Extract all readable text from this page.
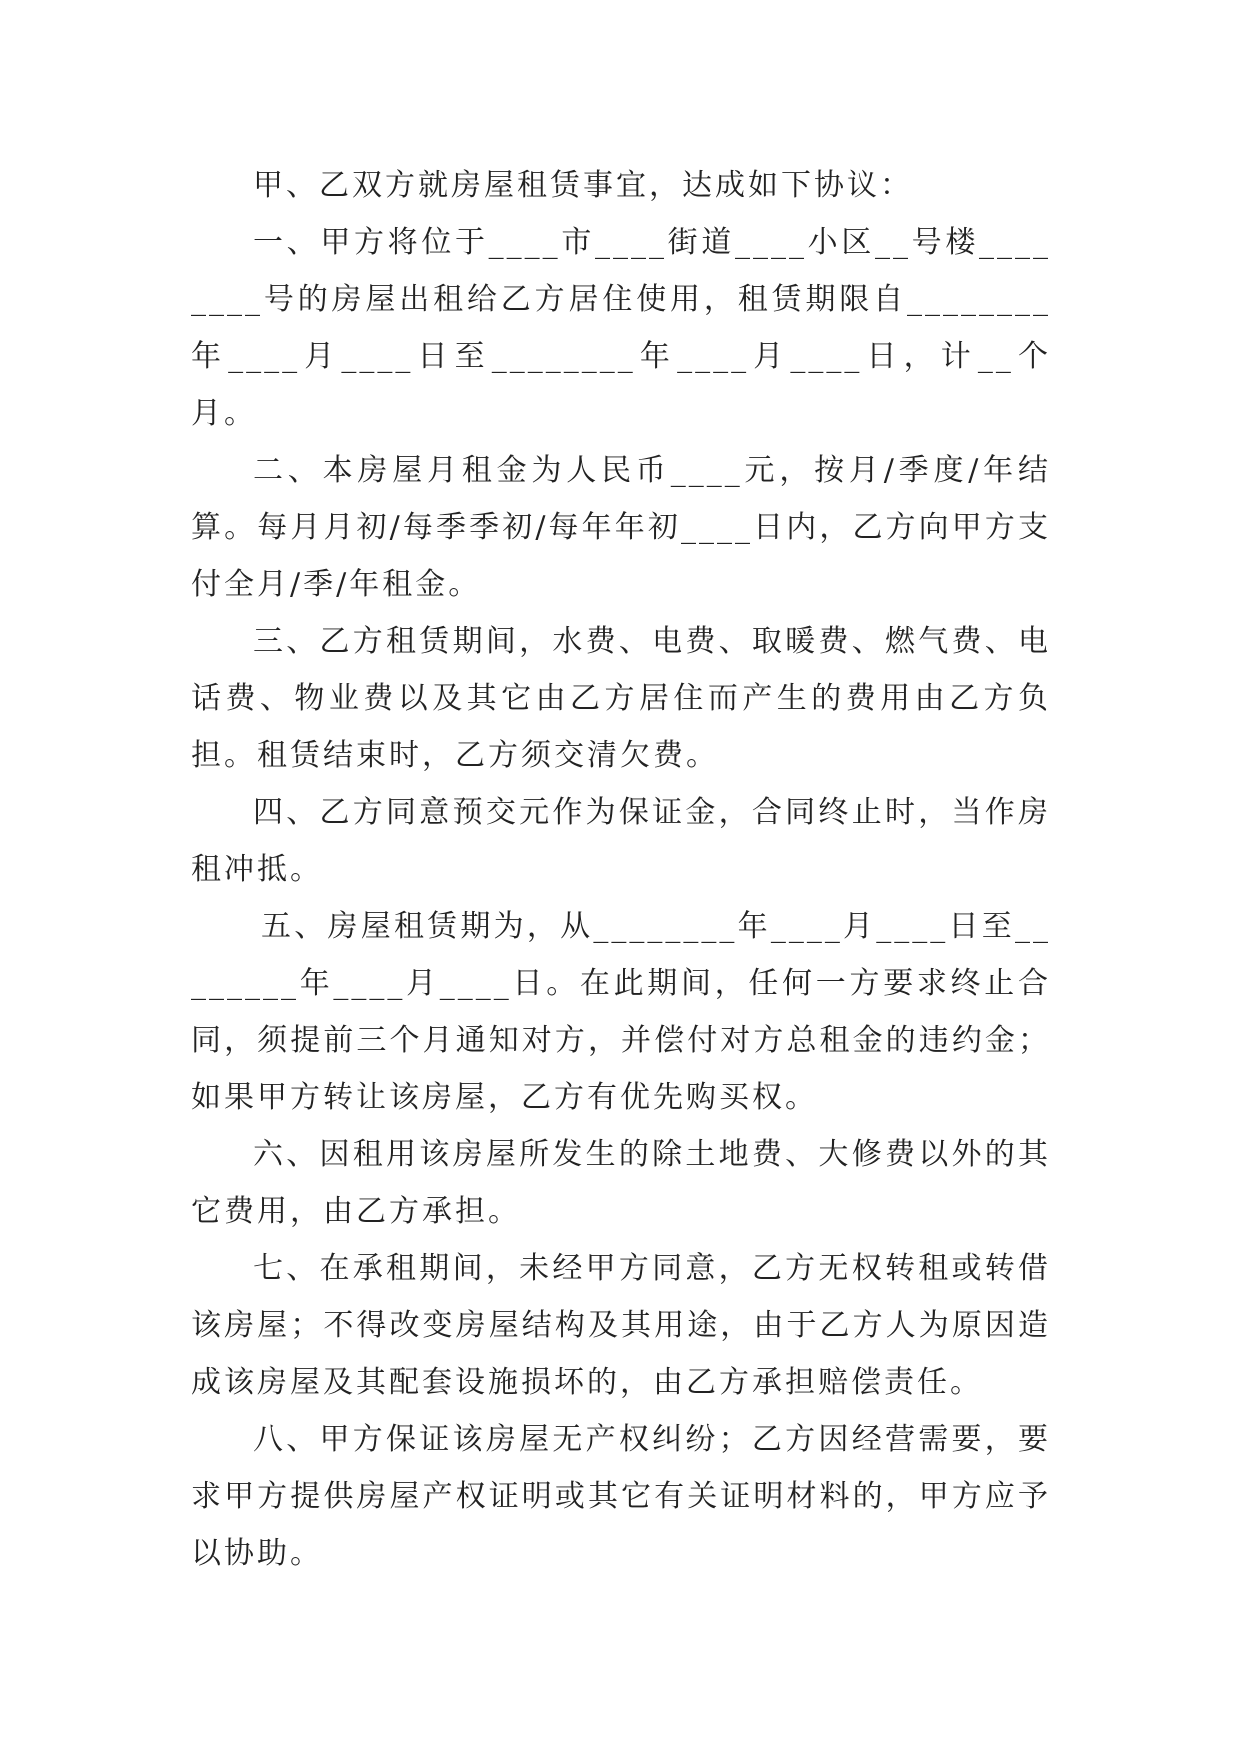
甲、乙双方就房屋租赁事宜，达成如下协议：

一、甲方将位于____市____街道____小区__号楼________号的房屋出租给乙方居住使用，租赁期限自________年____月____日至________年____月____日，计__个月。

二、本房屋月租金为人民币____元，按月/季度/年结算。每月月初/每季季初/每年年初____日内，乙方向甲方支付全月/季/年租金。

三、乙方租赁期间，水费、电费、取暖费、燃气费、电话费、物业费以及其它由乙方居住而产生的费用由乙方负担。租赁结束时，乙方须交清欠费。

四、乙方同意预交元作为保证金，合同终止时，当作房租冲抵。

五、房屋租赁期为，从________年____月____日至________年____月____日。在此期间，任何一方要求终止合同，须提前三个月通知对方，并偿付对方总租金的违约金；如果甲方转让该房屋，乙方有优先购买权。

六、因租用该房屋所发生的除土地费、大修费以外的其它费用，由乙方承担。

七、在承租期间，未经甲方同意，乙方无权转租或转借该房屋；不得改变房屋结构及其用途，由于乙方人为原因造成该房屋及其配套设施损坏的，由乙方承担赔偿责任。

八、甲方保证该房屋无产权纠纷；乙方因经营需要，要求甲方提供房屋产权证明或其它有关证明材料的，甲方应予以协助。
